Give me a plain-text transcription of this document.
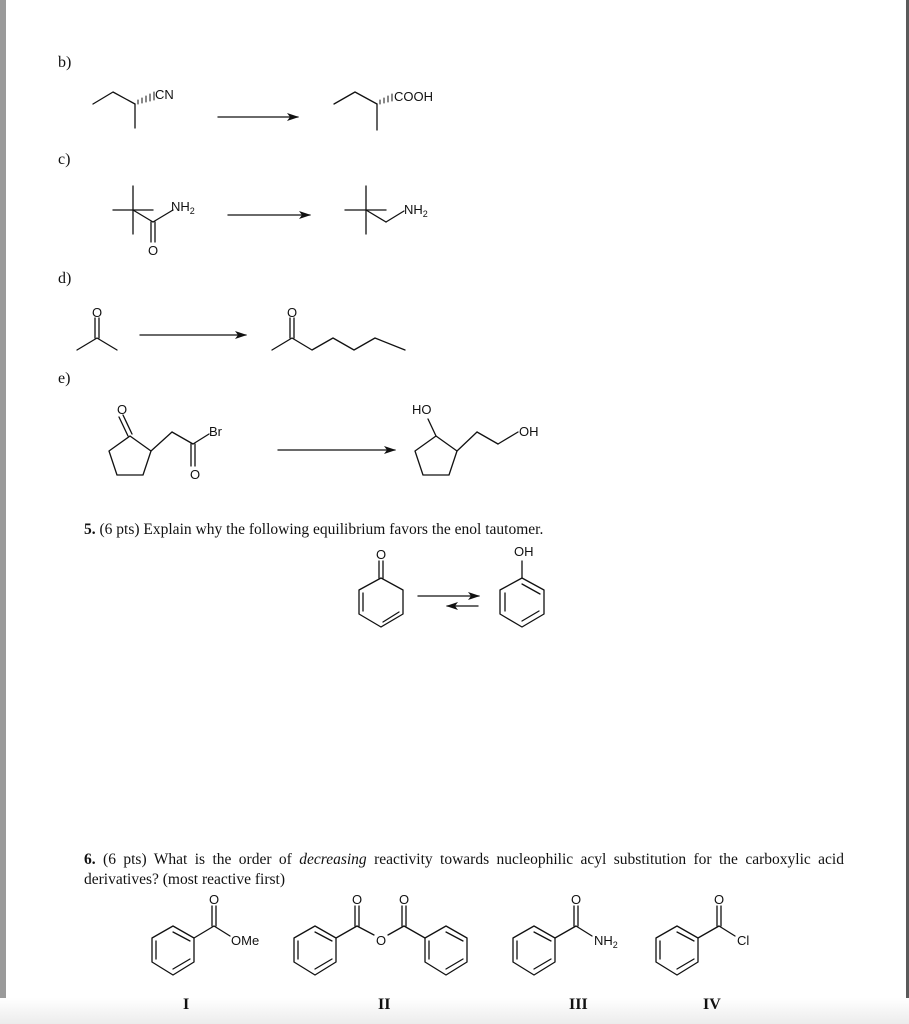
b)
c)
d)
e)
CN	COOH
O
$NH_2$	$NH_2$
O	O
O
O
Br
HO
OH
O	OH
O
OMe
O
O
O	O
$NH_2$
O
Cl
5. (6 pts) Explain why the following equilibrium favors the enol tautomer.
6. (6 pts) What is the order of decreasing reactivity towards nucleophilic acyl substitution for the carboxylic acid derivatives? (most reactive first)
I	II	III	IV
